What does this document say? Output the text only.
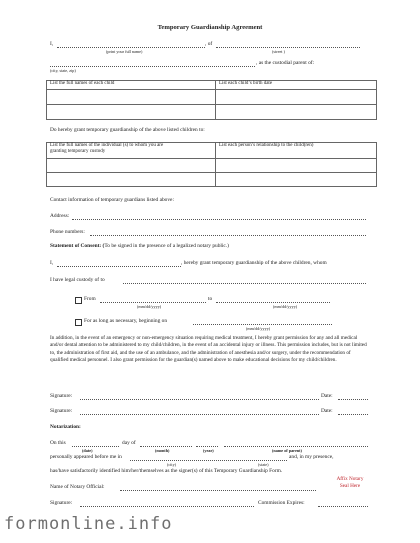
Temporary Guardianship Agreement
I,	, of
(print your full name)	(street )
, as the custodial parent of:
(city, state, zip)
List the full names of each child	List each child’s birth date

Do hereby grant temporary guardianship of the above listed children to:
List the full names of the individual (s) to whom you are
granting temporary custody	List each person’s relationship to the child(ren)

Contact information of temporary guardians listed above:
Address:
Phone numbers:
Statement of Consent: (To be signed in the presence of a legalized notary public.)
I,	, hereby grant temporary guardianship of the above children, whom
I have legal custody of to
From	to
(mm/dd/yyyy)	(mm/dd/yyyy)
For as long as necessary, beginning on
(mm/dd/yyyy)
In addition, in the event of an emergency or non-emergency situation requiring medical treatment, I hereby grant permission for any and all medical and/or dental attention to be administered to my child/children, in the event of an accidental injury or illness. This permission includes, but is not limited to, the administration of first aid, and the use of an ambulance, and the administration of anesthesia and/or surgery, under the recommendation of qualified medical personnel. I also grant permission for the guardian(s) named above to make educational decisions for my child/children.
Signature:	Date:
Signature:	Date:
Notarization:
On this	day of
(date)	(month)	(year)	(name of parent)
personally appeared before me in	and, in my presence,
(city)	(state)
has/have satisfactorily identified him/her/themselves as the signer(s) of this Temporary Guardianship Form.
Name of Notary Official:
Affix Notary
Seal Here
Signature:	Commission Expires:
formonline.info
